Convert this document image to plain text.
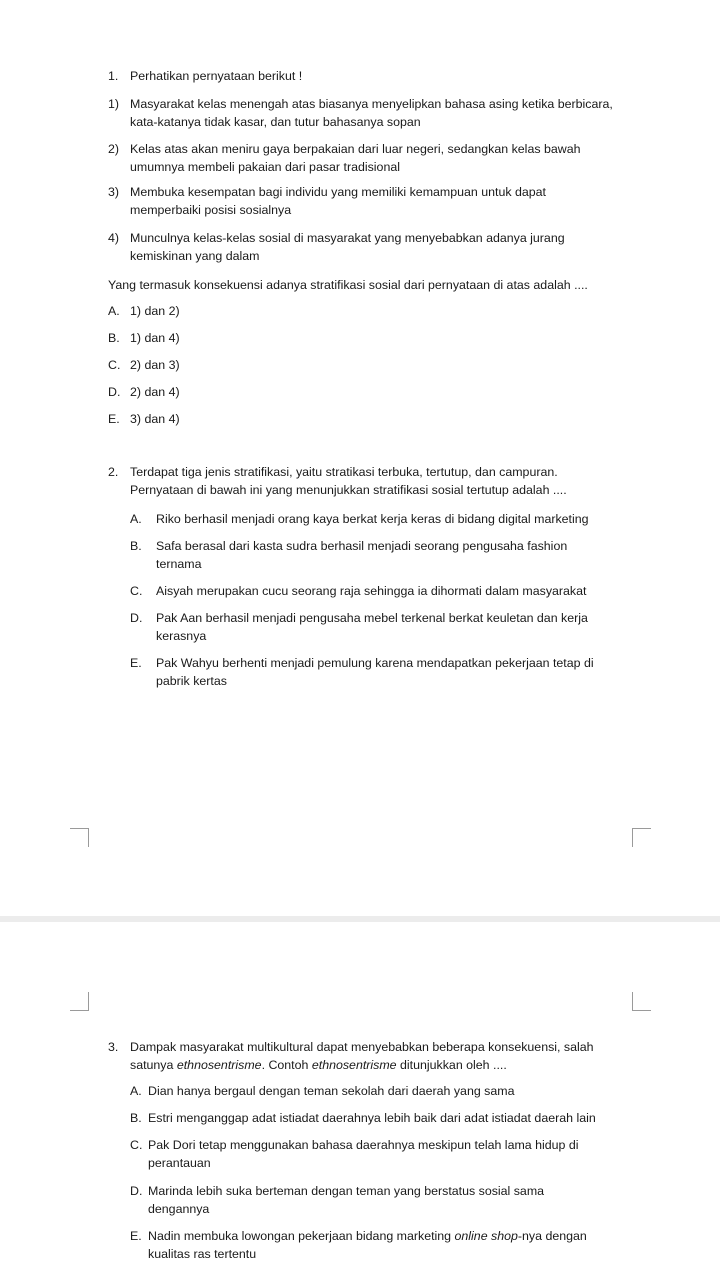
1. Perhatikan pernyataan berikut !
1) Masyarakat kelas menengah atas biasanya menyelipkan bahasa asing ketika berbicara, kata-katanya tidak kasar, dan tutur bahasanya sopan
2) Kelas atas akan meniru gaya berpakaian dari luar negeri, sedangkan kelas bawah umumnya membeli pakaian dari pasar tradisional
3) Membuka kesempatan bagi individu yang memiliki kemampuan untuk dapat memperbaiki posisi sosialnya
4) Munculnya kelas-kelas sosial di masyarakat yang menyebabkan adanya jurang kemiskinan yang dalam
Yang termasuk konsekuensi adanya stratifikasi sosial dari pernyataan di atas adalah ....
A. 1) dan 2)
B. 1) dan 4)
C. 2) dan 3)
D. 2) dan 4)
E. 3) dan 4)
2. Terdapat tiga jenis stratifikasi, yaitu stratikasi terbuka, tertutup, dan campuran.
Pernyataan di bawah ini yang menunjukkan stratifikasi sosial tertutup adalah ....
A.	Riko berhasil menjadi orang kaya berkat kerja keras di bidang digital marketing
B.	Safa berasal dari kasta sudra berhasil menjadi seorang pengusaha fashion ternama
C.	Aisyah merupakan cucu seorang raja sehingga ia dihormati dalam masyarakat
D.	Pak Aan berhasil menjadi pengusaha mebel terkenal berkat keuletan dan kerja kerasnya
E.	Pak Wahyu berhenti menjadi pemulung karena mendapatkan pekerjaan tetap di pabrik kertas
3. Dampak masyarakat multikultural dapat menyebabkan beberapa konsekuensi, salah
satunya ethnosentrisme. Contoh ethnosentrisme ditunjukkan oleh ....
A. Dian hanya bergaul dengan teman sekolah dari daerah yang sama
B. Estri menganggap adat istiadat daerahnya lebih baik dari adat istiadat daerah lain
C. Pak Dori tetap menggunakan bahasa daerahnya meskipun telah lama hidup di perantauan
D. Marinda lebih suka berteman dengan teman yang berstatus sosial sama dengannya
E. Nadin membuka lowongan pekerjaan bidang marketing online shop-nya dengan kualitas ras tertentu
